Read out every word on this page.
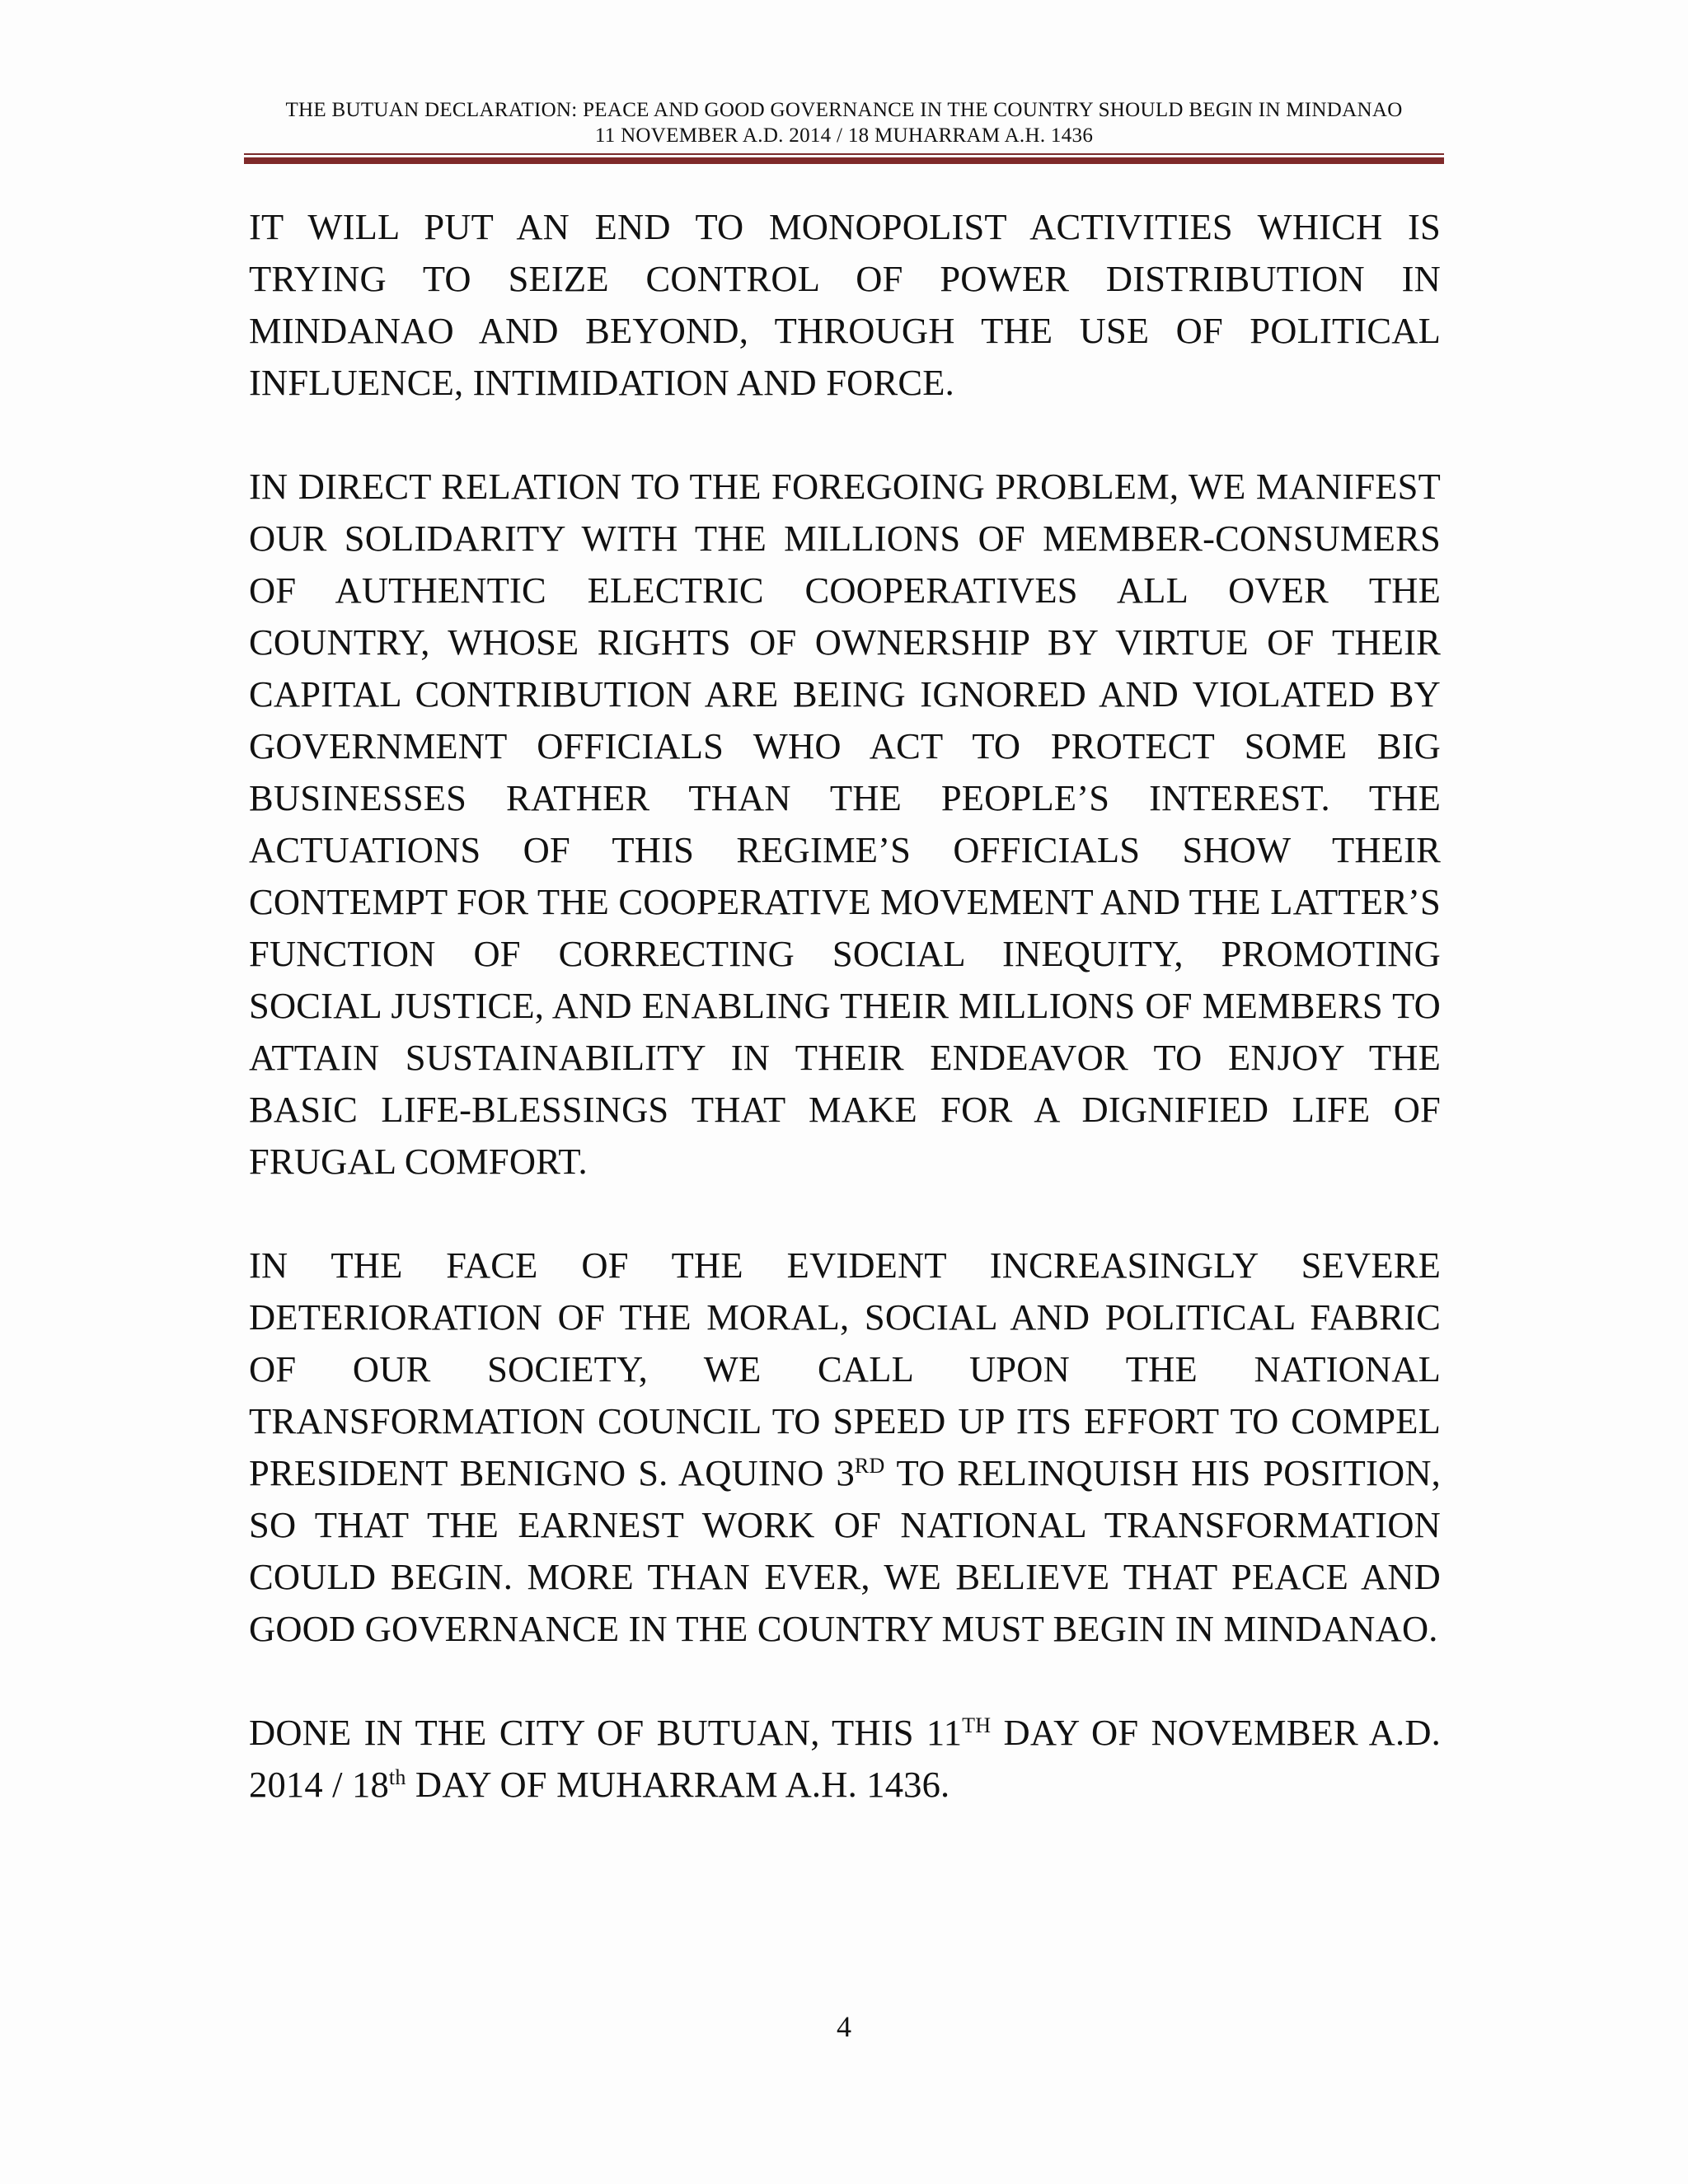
THE BUTUAN DECLARATION: PEACE AND GOOD GOVERNANCE IN THE COUNTRY SHOULD BEGIN IN MINDANAO
11 NOVEMBER A.D. 2014 / 18 MUHARRAM A.H. 1436

IT WILL PUT AN END TO MONOPOLIST ACTIVITIES WHICH IS TRYING TO SEIZE CONTROL OF POWER DISTRIBUTION IN MINDANAO AND BEYOND, THROUGH THE USE OF POLITICAL INFLUENCE, INTIMIDATION AND FORCE.

IN DIRECT RELATION TO THE FOREGOING PROBLEM, WE MANIFEST OUR SOLIDARITY WITH THE MILLIONS OF MEMBER-CONSUMERS OF AUTHENTIC ELECTRIC COOPERATIVES ALL OVER THE COUNTRY, WHOSE RIGHTS OF OWNERSHIP BY VIRTUE OF THEIR CAPITAL CONTRIBUTION ARE BEING IGNORED AND VIOLATED BY GOVERNMENT OFFICIALS WHO ACT TO PROTECT SOME BIG BUSINESSES RATHER THAN THE PEOPLE’S INTEREST. THE ACTUATIONS OF THIS REGIME’S OFFICIALS SHOW THEIR CONTEMPT FOR THE COOPERATIVE MOVEMENT AND THE LATTER’S FUNCTION OF CORRECTING SOCIAL INEQUITY, PROMOTING SOCIAL JUSTICE, AND ENABLING THEIR MILLIONS OF MEMBERS TO ATTAIN SUSTAINABILITY IN THEIR ENDEAVOR TO ENJOY THE BASIC LIFE-BLESSINGS THAT MAKE FOR A DIGNIFIED LIFE OF FRUGAL COMFORT.

IN THE FACE OF THE EVIDENT INCREASINGLY SEVERE DETERIORATION OF THE MORAL, SOCIAL AND POLITICAL FABRIC OF OUR SOCIETY, WE CALL UPON THE NATIONAL TRANSFORMATION COUNCIL TO SPEED UP ITS EFFORT TO COMPEL PRESIDENT BENIGNO S. AQUINO 3RD TO RELINQUISH HIS POSITION, SO THAT THE EARNEST WORK OF NATIONAL TRANSFORMATION COULD BEGIN. MORE THAN EVER, WE BELIEVE THAT PEACE AND GOOD GOVERNANCE IN THE COUNTRY MUST BEGIN IN MINDANAO.

DONE IN THE CITY OF BUTUAN, THIS 11TH DAY OF NOVEMBER A.D. 2014 / 18th DAY OF MUHARRAM A.H. 1436.

4
